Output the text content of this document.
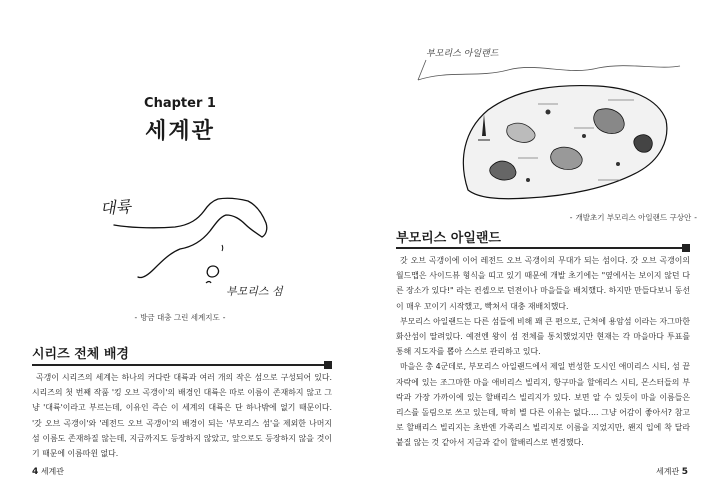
Chapter 1
세계관
대륙
부모리스 섬
- 방금 대충 그린 세계지도 -
시리즈 전체 배경

곡갱이 시리즈의 세계는 하나의 커다란 대륙과 여러 개의 작은 섬으로 구성되어 있다. 시리즈의 첫 번째 작품 '킹 오브 곡갱이'의 배경인 대륙은 따로 이름이 존재하지 않고 그냥 '대륙'이라고 부르는데, 이유인 즉슨 이 세계의 대륙은 단 하나밖에 없기 때문이다. '갓 오브 곡갱이'와 '레전드 오브 곡갱이'의 배경이 되는 '부모리스 섬'을 제외한 나머지 섬 이름도 존재하질 않는데, 지금까지도 등장하지 않았고, 앞으로도 등장하지 않을 것이기 때문에 이름따윈 없다.

4 세계관
부모리스 아일랜드
- 개발초기 부모리스 아일랜드 구상안 -
부모리스 아일랜드

갓 오브 곡갱이에 이어 레전드 오브 곡갱이의 무대가 되는 섬이다. 갓 오브 곡갱이의 월드맵은 사이드뷰 형식을 띠고 있기 때문에 개발 초기에는 "옆에서는 보이지 않던 다른 장소가 있다!" 라는 컨셉으로 던전이나 마을들을 배치했다. 하지만 만들다보니 동선이 매우 꼬이기 시작했고, 빡쳐서 대충 재배치했다.

부모리스 아일랜드는 다른 섬들에 비해 꽤 큰 편으로, 근처에 용암섬 이라는 자그마한 화산섬이 딸려있다. 예전엔 왕이 섬 전체를 통치했었지만 현재는 각 마을마다 투표를 통해 지도자를 뽑아 스스로 관리하고 있다.

마을은 총 4군데로, 부모리스 아일랜드에서 제일 번성한 도시인 애미리스 시티, 섬 끝자락에 있는 조그마한 마을 애비리스 빌리지, 항구마을 할애리스 시티, 몬스터들의 부락과 가장 가까이에 있는 할배리스 빌리지가 있다. 보면 알 수 있듯이 마을 이름들은 리스를 돌림으로 쓰고 있는데, 딱히 별 다른 이유는 없다.... 그냥 어감이 좋아서? 참고로 할배리스 빌리지는 초반엔 가족리스 빌리지로 이름을 지었지만, 왠지 입에 착 달라붙질 않는 것 같아서 지금과 같이 할배리스로 변경했다.

세계관 5
